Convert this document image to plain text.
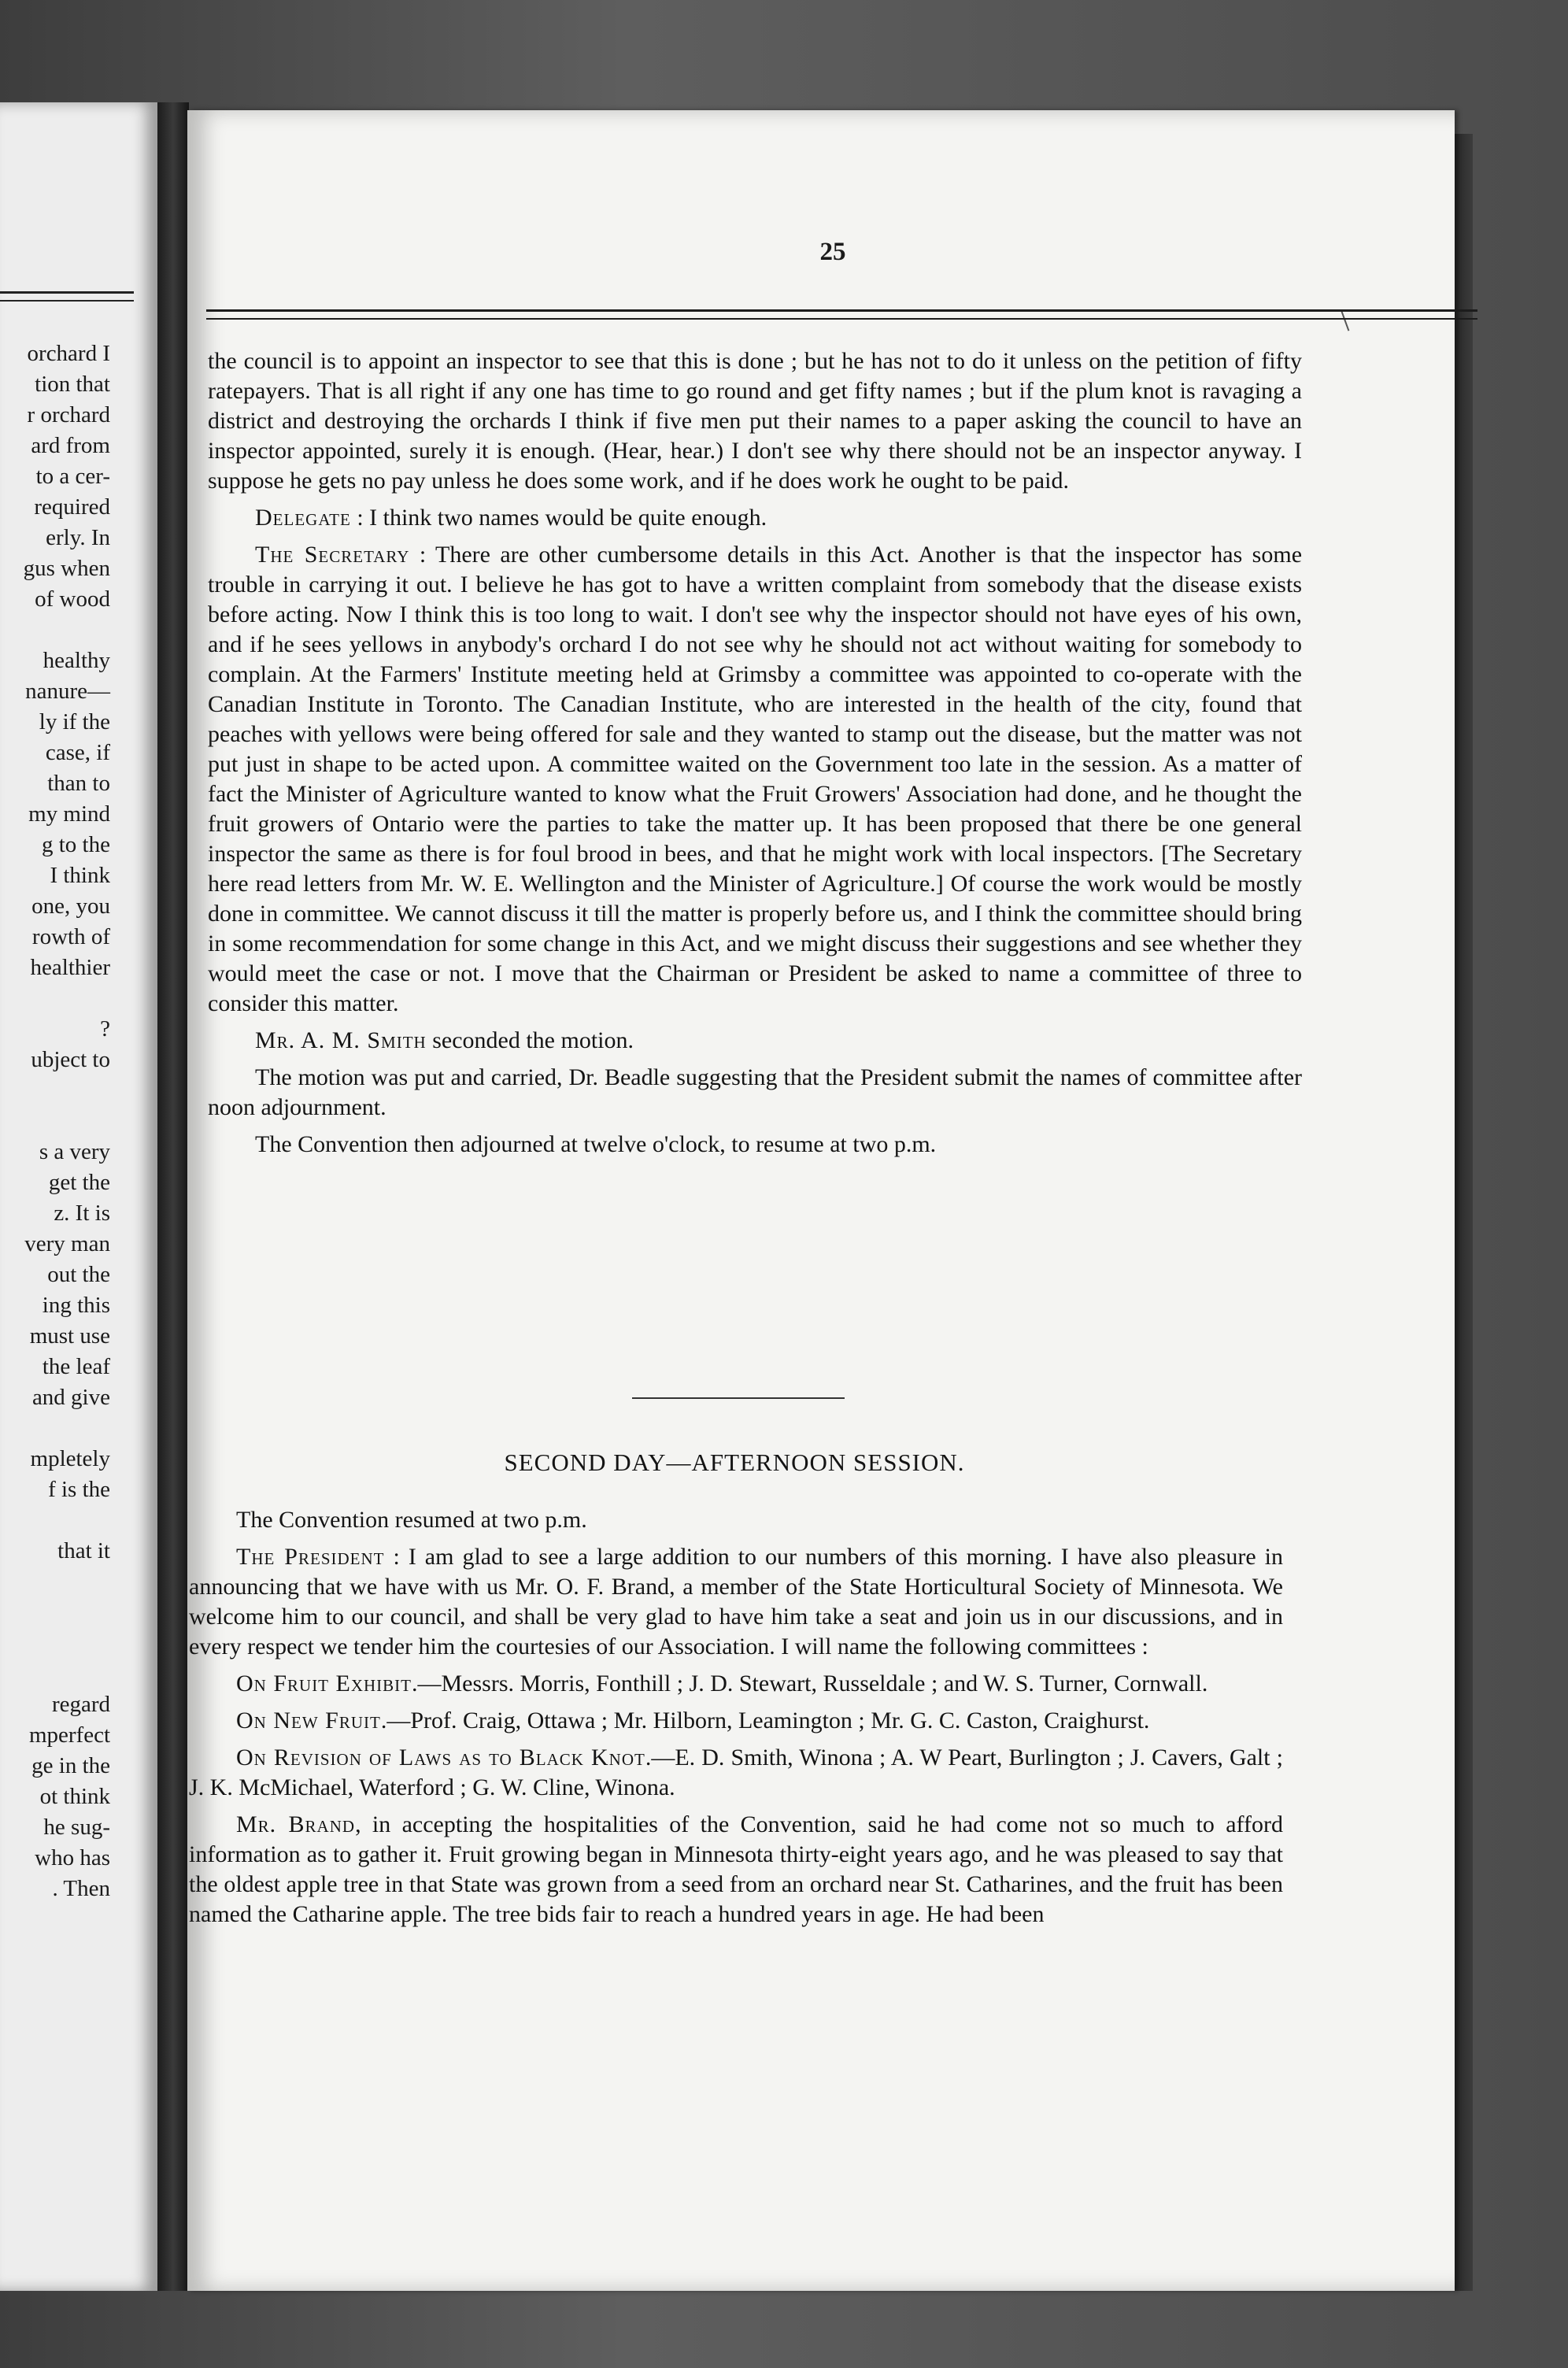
orchard I
tion that
r orchard
ard from
to a cer-
required
erly. In
gus when
of wood
healthy
nanure—
ly if the
case, if
than to
my mind
g to the
I think
one, you
rowth of
healthier
?
ubject to
s a very
get the
z. It is
very man
out the
ing this
must use
the leaf
and give
mpletely
f is the
that it
regard
mperfect
ge in the
ot think
he sug-
who has
. Then
25

the council is to appoint an inspector to see that this is done ; but he has not to do it unless on the petition of fifty ratepayers. That is all right if any one has time to go round and get fifty names ; but if the plum knot is ravaging a district and destroying the orchards I think if five men put their names to a paper asking the council to have an inspector appointed, surely it is enough. (Hear, hear.) I don't see why there should not be an inspector anyway. I suppose he gets no pay unless he does some work, and if he does work he ought to be paid.

Delegate : I think two names would be quite enough.

The Secretary : There are other cumbersome details in this Act. Another is that the inspector has some trouble in carrying it out. I believe he has got to have a written complaint from somebody that the disease exists before acting. Now I think this is too long to wait. I don't see why the inspector should not have eyes of his own, and if he sees yellows in anybody's orchard I do not see why he should not act without waiting for somebody to complain. At the Farmers' Institute meeting held at Grimsby a committee was appointed to co-operate with the Canadian Institute in Toronto. The Canadian Institute, who are interested in the health of the city, found that peaches with yellows were being offered for sale and they wanted to stamp out the disease, but the matter was not put just in shape to be acted upon. A committee waited on the Government too late in the session. As a matter of fact the Minister of Agriculture wanted to know what the Fruit Growers' Association had done, and he thought the fruit growers of Ontario were the parties to take the matter up. It has been proposed that there be one general inspector the same as there is for foul brood in bees, and that he might work with local inspectors. [The Secretary here read letters from Mr. W. E. Wellington and the Minister of Agriculture.] Of course the work would be mostly done in committee. We cannot discuss it till the matter is properly before us, and I think the committee should bring in some recommendation for some change in this Act, and we might discuss their suggestions and see whether they would meet the case or not. I move that the Chairman or President be asked to name a committee of three to consider this matter.

Mr. A. M. Smith seconded the motion.

The motion was put and carried, Dr. Beadle suggesting that the President submit the names of committee after noon adjournment.

The Convention then adjourned at twelve o'clock, to resume at two p.m.

SECOND DAY—AFTERNOON SESSION.

The Convention resumed at two p.m.

The President : I am glad to see a large addition to our numbers of this morning. I have also pleasure in announcing that we have with us Mr. O. F. Brand, a member of the State Horticultural Society of Minnesota. We welcome him to our council, and shall be very glad to have him take a seat and join us in our discussions, and in every respect we tender him the courtesies of our Association. I will name the following committees :

On Fruit Exhibit.—Messrs. Morris, Fonthill ; J. D. Stewart, Russeldale ; and W. S. Turner, Cornwall.

On New Fruit.—Prof. Craig, Ottawa ; Mr. Hilborn, Leamington ; Mr. G. C. Caston, Craighurst.

On Revision of Laws as to Black Knot.—E. D. Smith, Winona ; A. W Peart, Burlington ; J. Cavers, Galt ; J. K. McMichael, Waterford ; G. W. Cline, Winona.

Mr. Brand, in accepting the hospitalities of the Convention, said he had come not so much to afford information as to gather it. Fruit growing began in Minnesota thirty-eight years ago, and he was pleased to say that the oldest apple tree in that State was grown from a seed from an orchard near St. Catharines, and the fruit has been named the Catharine apple. The tree bids fair to reach a hundred years in age. He had been
